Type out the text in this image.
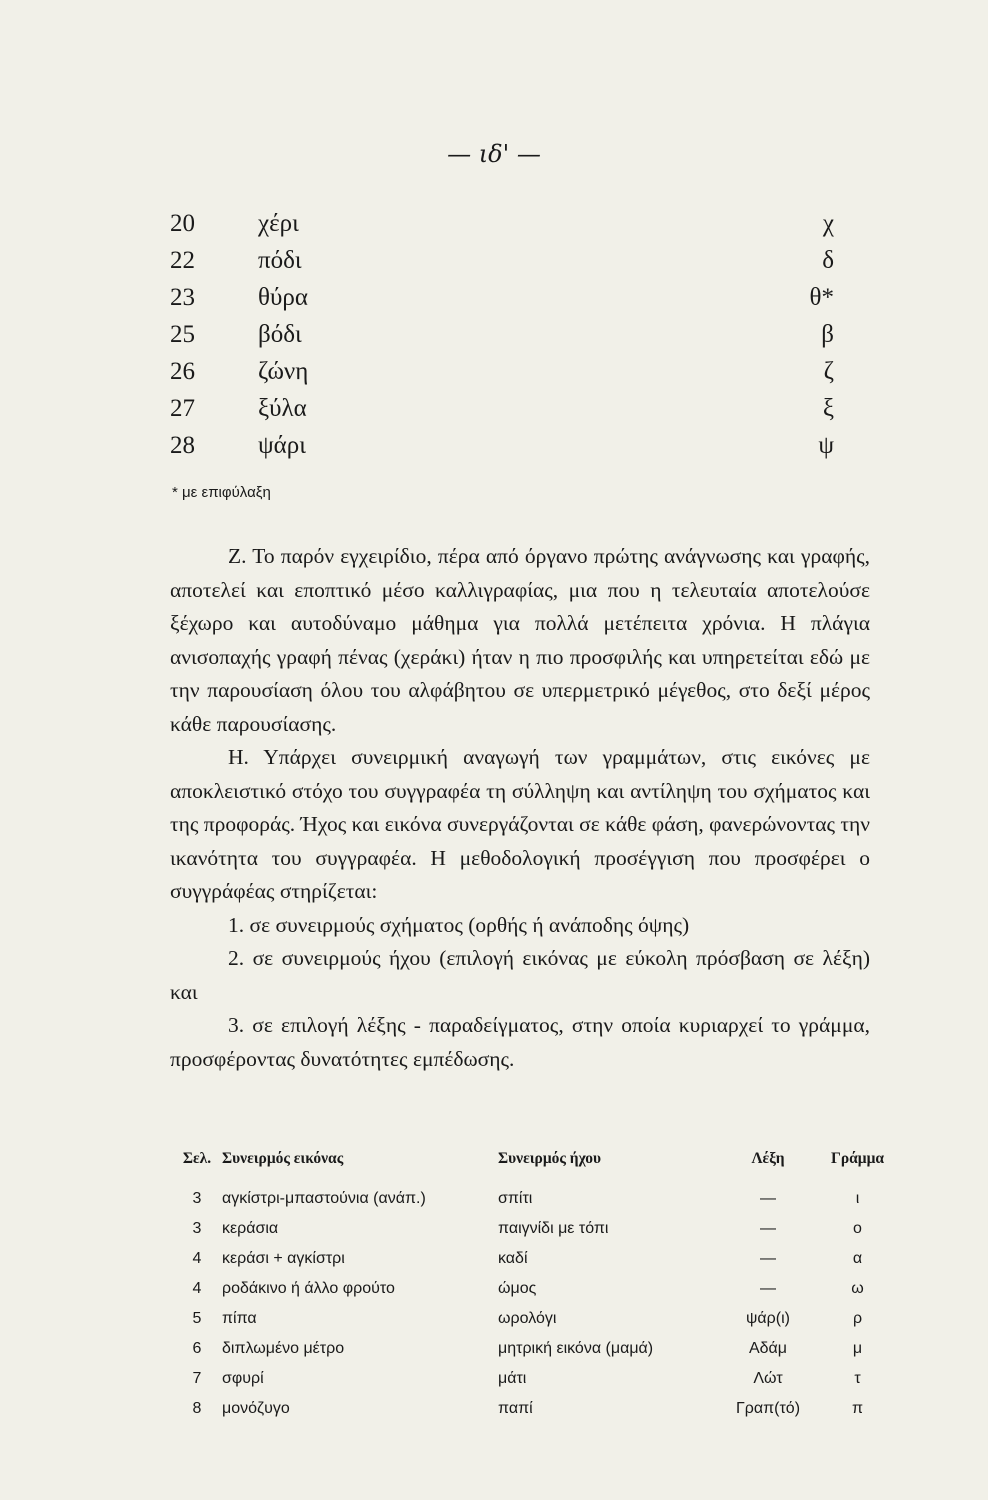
— ιδ' —
20	χέρι	χ
22	πόδι	δ
23	θύρα	θ*
25	βόδι	β
26	ζώνη	ζ
27	ξύλα	ξ
28	ψάρι	ψ
* με επιφύλαξη

Ζ. Το παρόν εγχειρίδιο, πέρα από όργανο πρώτης ανάγνωσης και γραφής, αποτελεί και εποπτικό μέσο καλλιγραφίας, μια που η τελευταία αποτελούσε ξέχωρο και αυτοδύναμο μάθημα για πολλά μετέπειτα χρόνια. Η πλάγια ανισοπαχής γραφή πένας (χεράκι) ήταν η πιο προσφιλής και υπηρετείται εδώ με την παρουσίαση όλου του αλφάβητου σε υπερμετρικό μέγεθος, στο δεξί μέρος κάθε παρουσίασης.

Η. Υπάρχει συνειρμική αναγωγή των γραμμάτων, στις εικόνες με αποκλειστικό στόχο του συγγραφέα τη σύλληψη και αντίληψη του σχήματος και της προφοράς. Ήχος και εικόνα συνεργάζονται σε κάθε φάση, φανερώνοντας την ικανότητα του συγγραφέα. Η μεθοδολογική προσέγγιση που προσφέρει ο συγγράφέας στηρίζεται:

1. σε συνειρμούς σχήματος (ορθής ή ανάποδης όψης)
2. σε συνειρμούς ήχου (επιλογή εικόνας με εύκολη πρόσβαση σε λέξη) και
3. σε επιλογή λέξης - παραδείγματος, στην οποία κυριαρχεί το γράμμα, προσφέροντας δυνατότητες εμπέδωσης.
Σελ.	Συνειρμός εικόνας	Συνειρμός ήχου	Λέξη	Γράμμα
3	αγκίστρι-μπαστούνια (ανάπ.)	σπίτι	—	ι
3	κεράσια	παιγνίδι με τόπι	—	ο
4	κεράσι + αγκίστρι	καδί	—	α
4	ροδάκινο ή άλλο φρούτο	ώμος	—	ω
5	πίπα	ωρολόγι	ψάρ(ι)	ρ
6	διπλωμένο μέτρο	μητρική εικόνα (μαμά)	Αδάμ	μ
7	σφυρί	μάτι	Λώτ	τ
8	μονόζυγο	παπί	Γραπ(τό)	π
